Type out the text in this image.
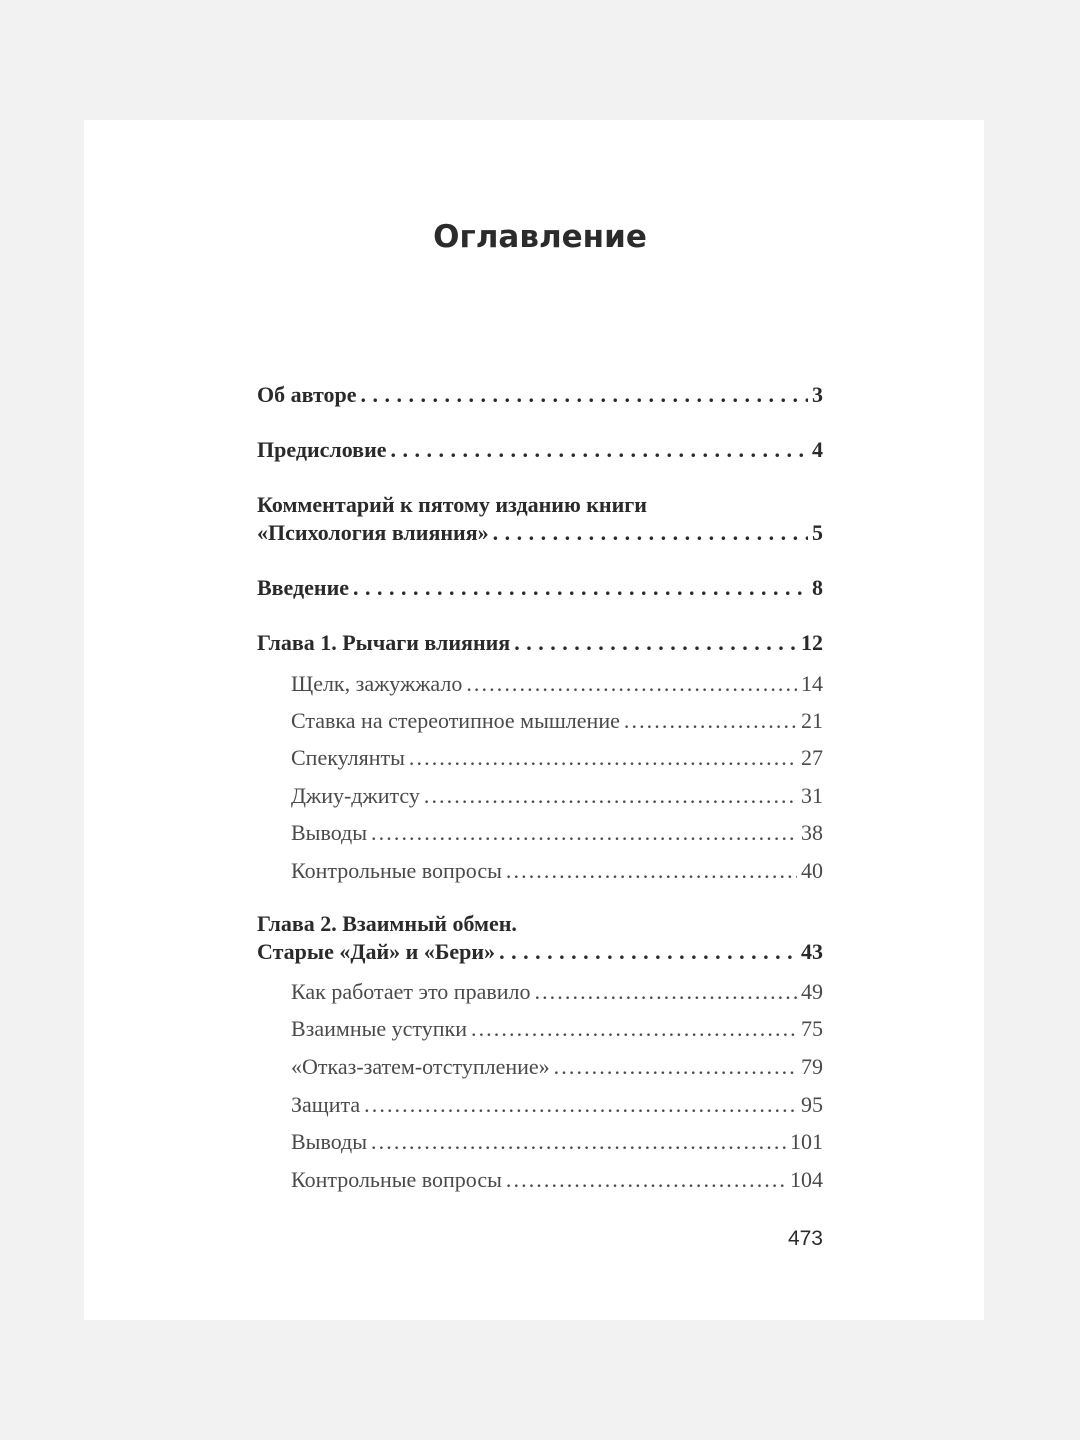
Оглавление
Об авторе . . .	3
Предисловие . . .	4
Комментарий к пятому изданию книги
«Психология влияния» . . .	5
Введение . . .	8
Глава 1. Рычаги влияния . . .	12
Щелк, зажужжало .....	14
Ставка на стереотипное мышление .....	21
Спекулянты .....	27
Джиу-джитсу .....	31
Выводы .....	38
Контрольные вопросы .....	40
Глава 2. Взаимный обмен.
Старые «Дай» и «Бери» . . .	43
Как работает это правило .....	49
Взаимные уступки .....	75
«Отказ-затем-отступление» .....	79
Защита .....	95
Выводы .....	101
Контрольные вопросы .....	104
473
